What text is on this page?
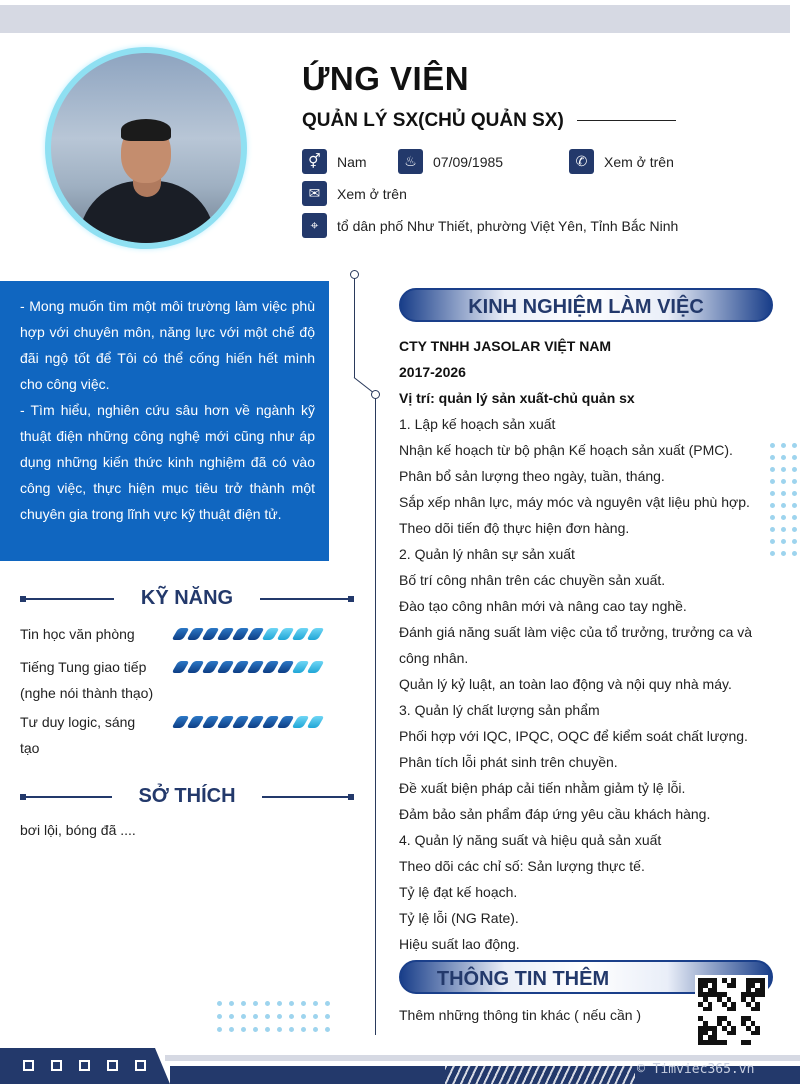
ỨNG VIÊN
QUẢN LÝ SX(CHỦ QUẢN SX)
⚥	Nam	♨	07/09/1985	✆	Xem ở trên
✉	Xem ở trên
⌖	tổ dân phố Như Thiết, phường Việt Yên, Tỉnh Bắc Ninh

- Mong muốn tìm một môi trường làm việc phù hợp với chuyên môn, năng lực với một chế độ đãi ngộ tốt để Tôi có thể cống hiến hết mình cho công việc.

- Tìm hiểu, nghiên cứu sâu hơn về ngành kỹ thuật điện những công nghệ mới cũng như áp dụng những kiến thức kinh nghiệm đã có vào công việc, thực hiện mục tiêu trở thành một chuyên gia trong lĩnh vực kỹ thuật điện tử.

KỸ NĂNG
Tin học văn phòng
Tiếng Tung giao tiếp
(nghe nói thành thạo)
Tư duy logic, sáng
tạo
SỞ THÍCH
bơi lội, bóng đã ....
KINH NGHIỆM LÀM VIỆC
CTY TNHH JASOLAR VIỆT NAM
2017-2026
Vị trí: quản lý sản xuất-chủ quản sx
1. Lập kế hoạch sản xuất
Nhận kế hoạch từ bộ phận Kế hoạch sản xuất (PMC).
Phân bổ sản lượng theo ngày, tuần, tháng.
Sắp xếp nhân lực, máy móc và nguyên vật liệu phù hợp.
Theo dõi tiến độ thực hiện đơn hàng.
2. Quản lý nhân sự sản xuất
Bố trí công nhân trên các chuyền sản xuất.
Đào tạo công nhân mới và nâng cao tay nghề.
Đánh giá năng suất làm việc của tổ trưởng, trưởng ca và công nhân.
Quản lý kỷ luật, an toàn lao động và nội quy nhà máy.
3. Quản lý chất lượng sản phẩm
Phối hợp với IQC, IPQC, OQC để kiểm soát chất lượng.
Phân tích lỗi phát sinh trên chuyền.
Đề xuất biện pháp cải tiến nhằm giảm tỷ lệ lỗi.
Đảm bảo sản phẩm đáp ứng yêu cầu khách hàng.
4. Quản lý năng suất và hiệu quả sản xuất
Theo dõi các chỉ số: Sản lượng thực tế.
Tỷ lệ đạt kế hoạch.
Tỷ lệ lỗi (NG Rate).
Hiệu suất lao động.
THÔNG TIN THÊM
Thêm những thông tin khác ( nếu cần )
© Timviec365.vn
